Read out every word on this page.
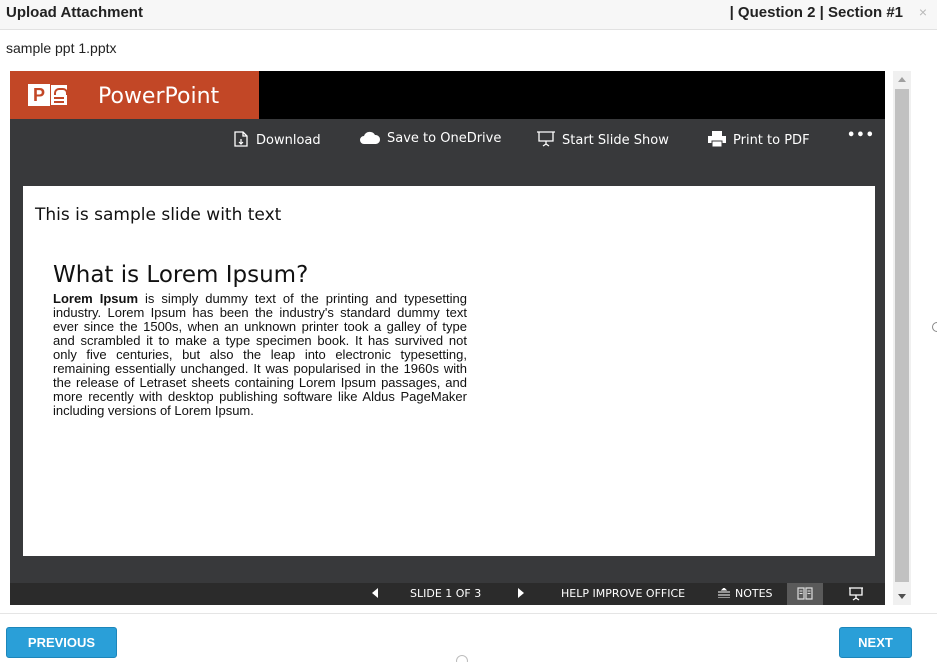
Upload Attachment	| Question 2 | Section #1 ×
sample ppt 1.pptx
P PowerPoint
Download	Save to OneDrive	Start Slide Show	Print to PDF	•••
This is sample slide with text
What is Lorem Ipsum?
Lorem Ipsum is simply dummy text of the printing and typesetting industry. Lorem Ipsum has been the industry's standard dummy text ever since the 1500s, when an unknown printer took a galley of type and scrambled it to make a type specimen book. It has survived not only five centuries, but also the leap into electronic typesetting, remaining essentially unchanged. It was popularised in the 1960s with the release of Letraset sheets containing Lorem Ipsum passages, and more recently with desktop publishing software like Aldus PageMaker including versions of Lorem Ipsum.
SLIDE 1 OF 3	HELP IMPROVE OFFICE	NOTES
PREVIOUS	NEXT
